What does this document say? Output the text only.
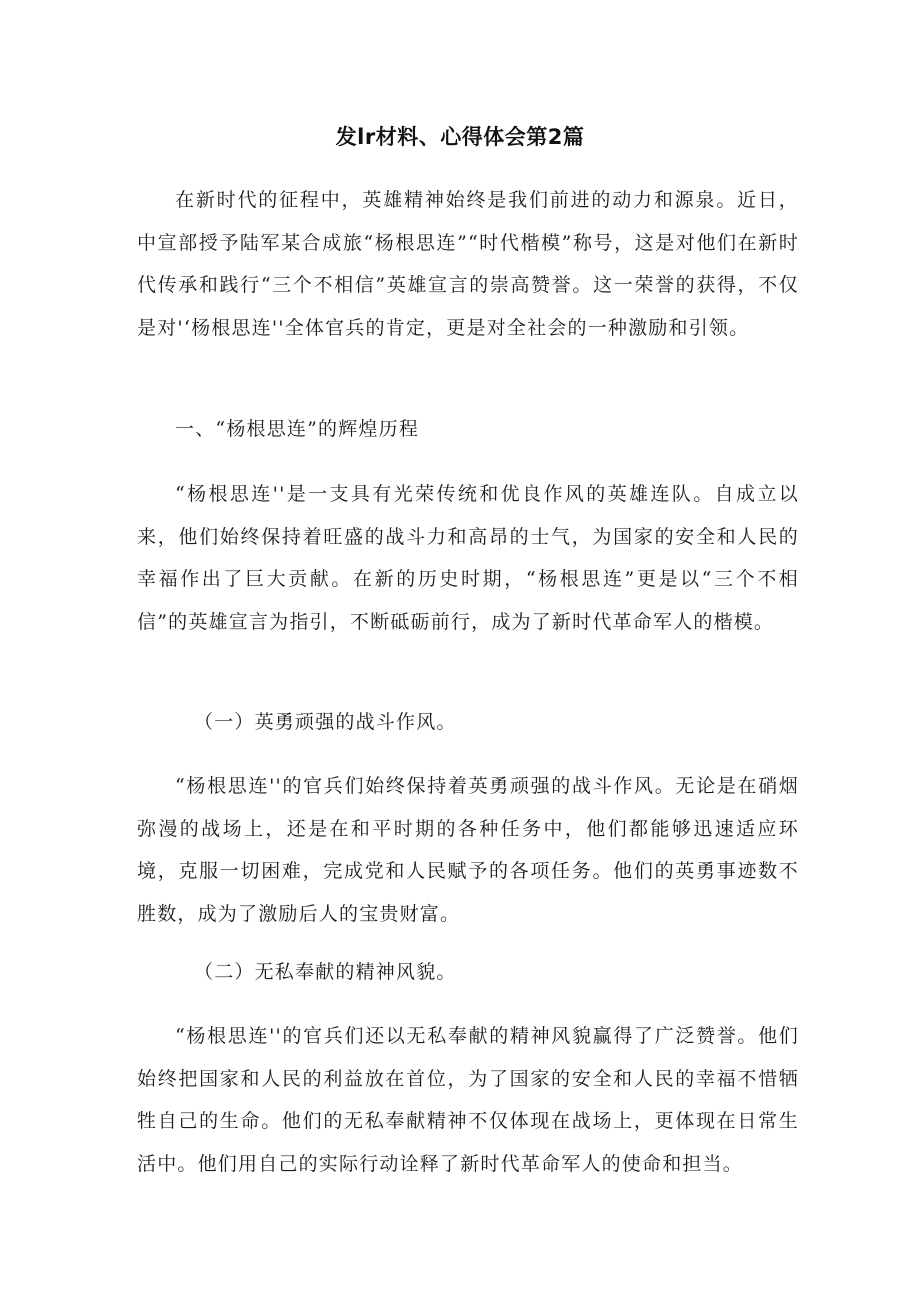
发lr材料、心得体会第2篇

在新时代的征程中，英雄精神始终是我们前进的动力和源泉。近日，中宣部授予陆军某合成旅“杨根思连”“时代楷模”称号，这是对他们在新时代传承和践行“三个不相信”英雄宣言的崇高赞誉。这一荣誉的获得，不仅是对'‘杨根思连''全体官兵的肯定，更是对全社会的一种激励和引领。

一、“杨根思连”的辉煌历程

“杨根思连''是一支具有光荣传统和优良作风的英雄连队。自成立以来，他们始终保持着旺盛的战斗力和高昂的士气，为国家的安全和人民的幸福作出了巨大贡献。在新的历史时期，“杨根思连”更是以“三个不相信”的英雄宣言为指引，不断砥砺前行，成为了新时代革命军人的楷模。

（一）英勇顽强的战斗作风。

“杨根思连''的官兵们始终保持着英勇顽强的战斗作风。无论是在硝烟弥漫的战场上，还是在和平时期的各种任务中，他们都能够迅速适应环境，克服一切困难，完成党和人民赋予的各项任务。他们的英勇事迹数不胜数，成为了激励后人的宝贵财富。

（二）无私奉献的精神风貌。

“杨根思连''的官兵们还以无私奉献的精神风貌赢得了广泛赞誉。他们始终把国家和人民的利益放在首位，为了国家的安全和人民的幸福不惜牺牲自己的生命。他们的无私奉献精神不仅体现在战场上，更体现在日常生活中。他们用自己的实际行动诠释了新时代革命军人的使命和担当。
